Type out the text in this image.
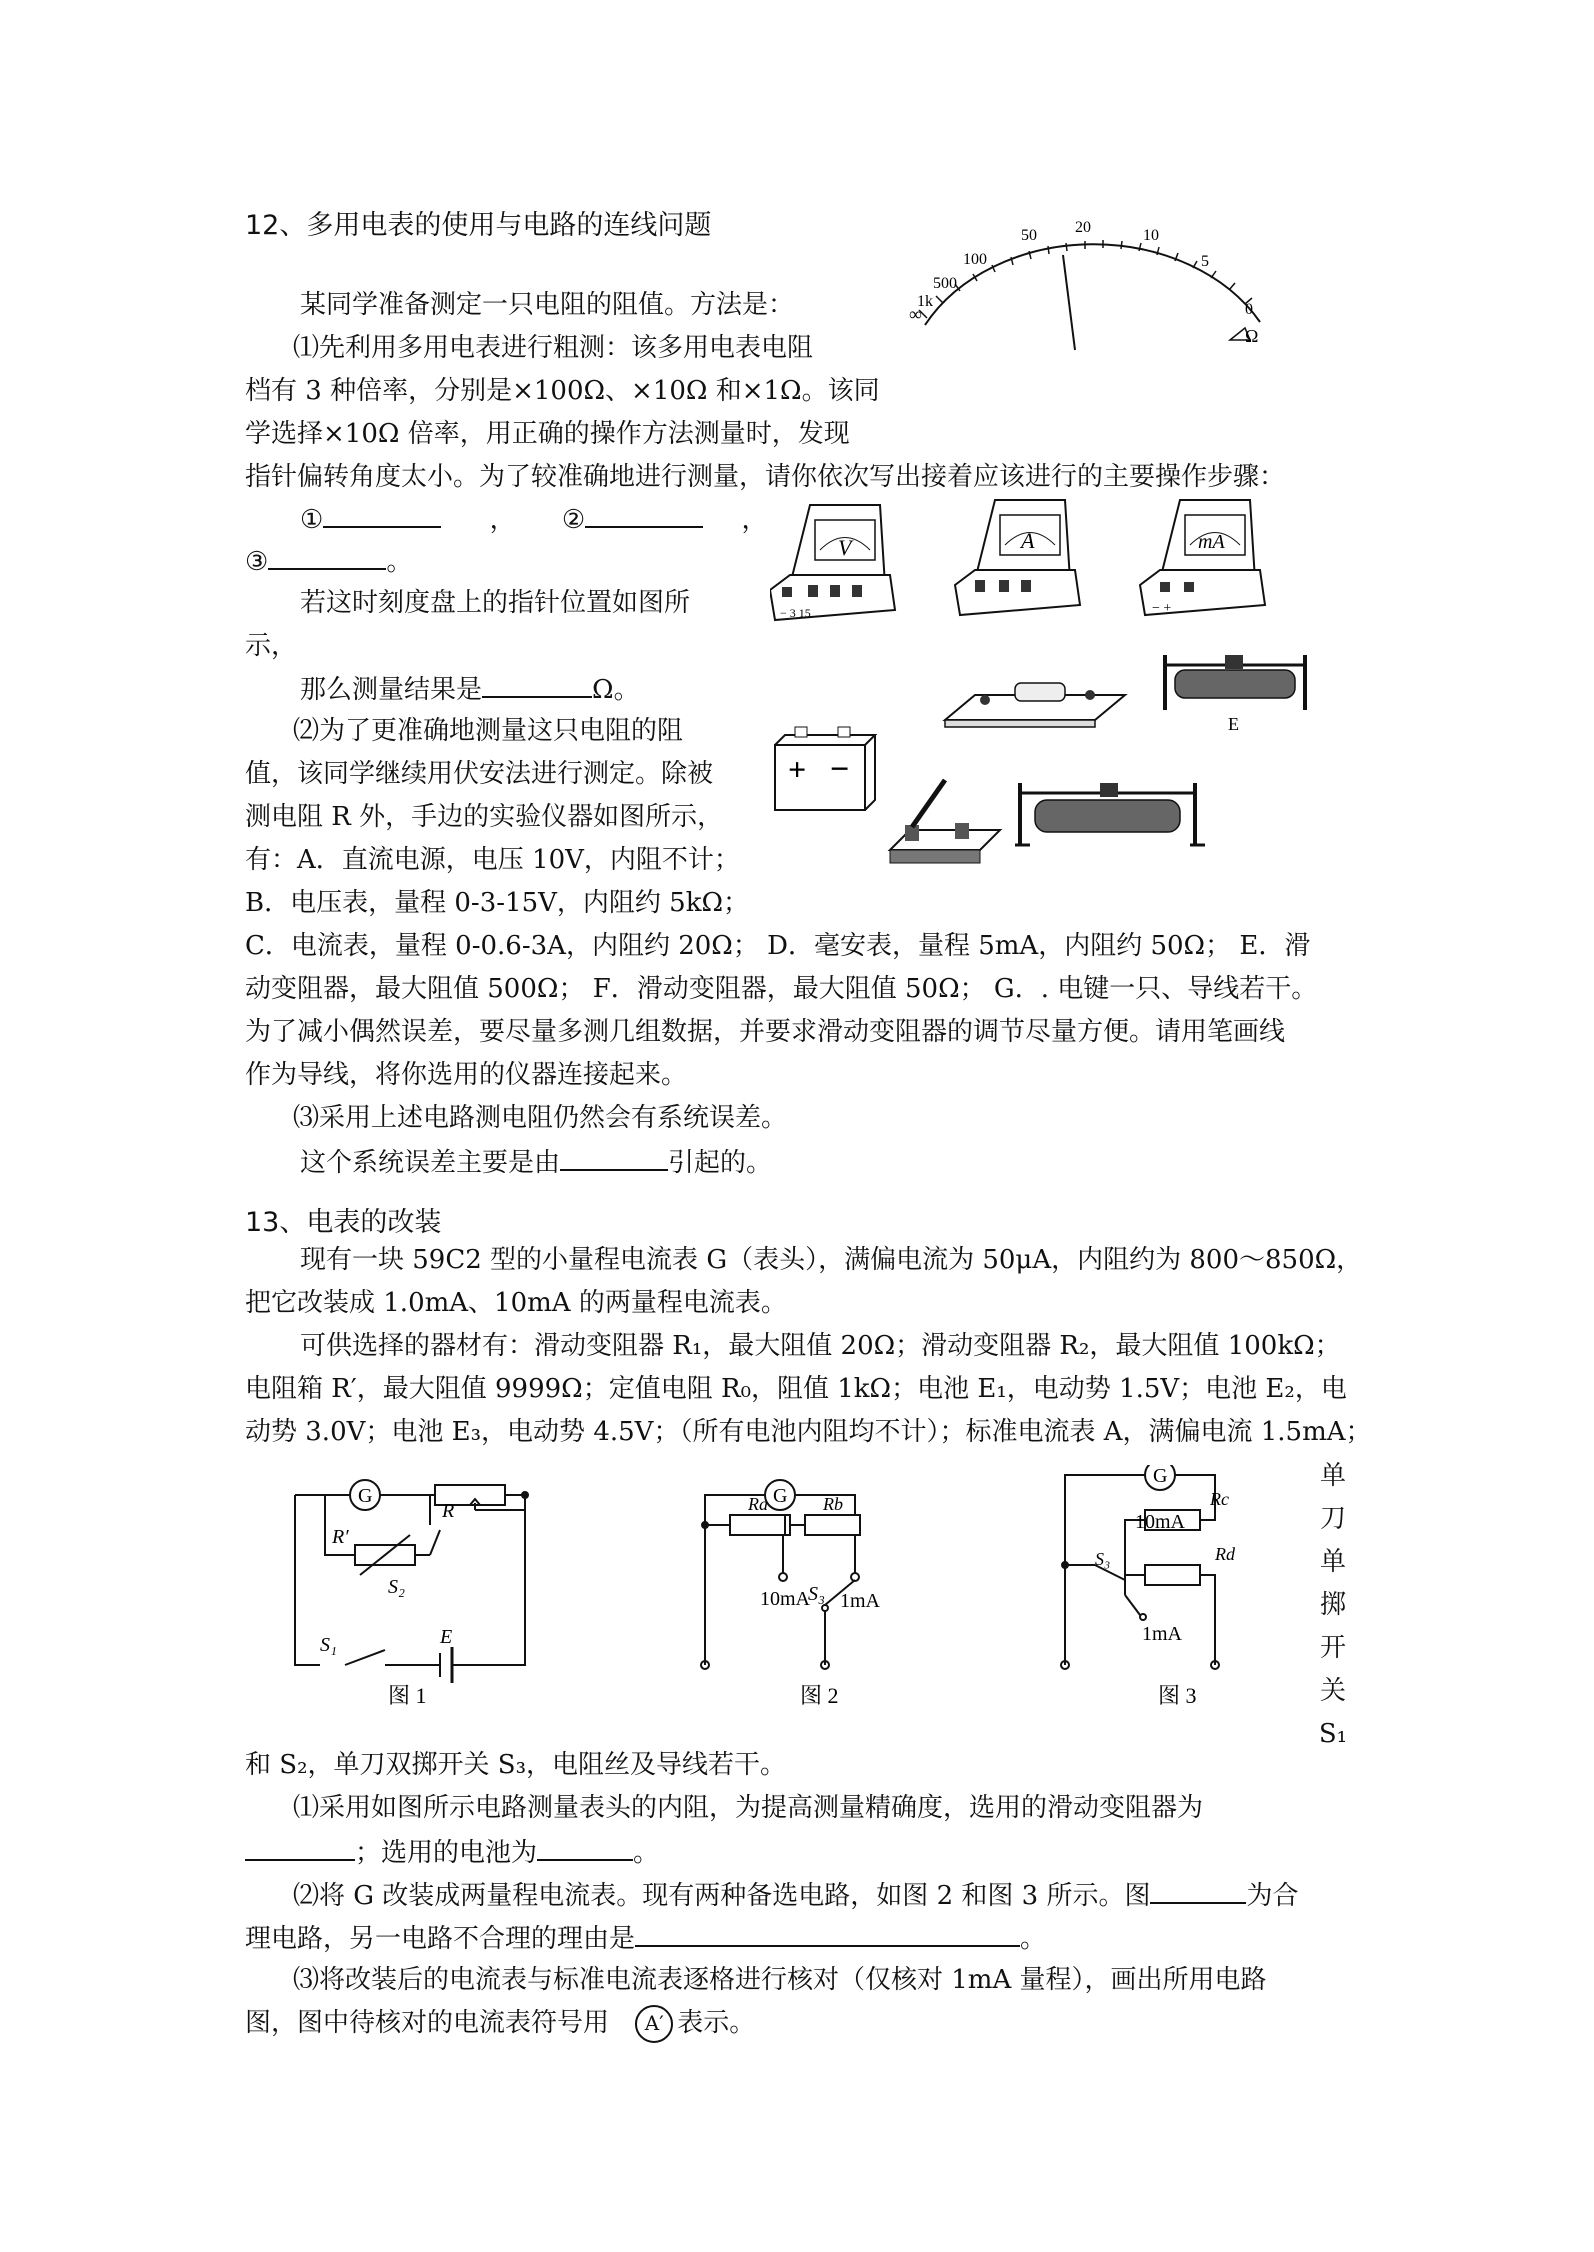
12、多用电表的使用与电路的连线问题
某同学准备测定一只电阻的阻值。方法是：
⑴先利用多用电表进行粗测：该多用电表电阻
档有 3 种倍率，分别是×100Ω、×10Ω 和×1Ω。该同
学选择×10Ω 倍率，用正确的操作方法测量时，发现
指针偏转角度太小。为了较准确地进行测量，请你依次写出接着应该进行的主要操作步骤：
①	， ②	，
③	。
若这时刻度盘上的指针位置如图所
示，
那么测量结果是	Ω。
⑵为了更准确地测量这只电阻的阻
值，该同学继续用伏安法进行测定。除被
测电阻 R 外，手边的实验仪器如图所示，
有：A．直流电源，电压 10V，内阻不计；
B．电压表，量程 0-3-15V，内阻约 5kΩ；
C．电流表，量程 0-0.6-3A，内阻约 20Ω； D．毫安表，量程 5mA，内阻约 50Ω； E．滑
动变阻器，最大阻值 500Ω； F．滑动变阻器，最大阻值 50Ω； G．. 电键一只、导线若干。
为了减小偶然误差，要尽量多测几组数据，并要求滑动变阻器的调节尽量方便。请用笔画线
作为导线，将你选用的仪器连接起来。
⑶采用上述电路测电阻仍然会有系统误差。
这个系统误差主要是由	引起的。
∞
1k
500
100
50 20	10
5
0
Ω
V
− 3 15
A	mA
− +
E
+ −
13、电表的改装
现有一块 59C2 型的小量程电流表 G（表头），满偏电流为 50μA，内阻约为 800～850Ω，
把它改装成 1.0mA、10mA 的两量程电流表。
可供选择的器材有：滑动变阻器 R₁，最大阻值 20Ω；滑动变阻器 R₂，最大阻值 100kΩ；
电阻箱 R′，最大阻值 9999Ω；定值电阻 R₀，阻值 1kΩ；电池 E₁，电动势 1.5V；电池 E₂，电
动势 3.0V；电池 E₃，电动势 4.5V；（所有电池内阻均不计）；标准电流表 A，满偏电流 1.5mA；
单
刀
单
掷
开
关
S₁
G
R
R′
S₂
S₁	E
图 1
G
Ra	Rb
10mA
S₃ 1mA
图 2
G
10mA
Rc
S₃	Rd
1mA
图 3
和 S₂，单刀双掷开关 S₃，电阻丝及导线若干。
⑴采用如图所示电路测量表头的内阻，为提高测量精确度，选用的滑动变阻器为
；选用的电池为	。
⑵将 G 改装成两量程电流表。现有两种备选电路，如图 2 和图 3 所示。图	为合
理电路，另一电路不合理的理由是	。
⑶将改装后的电流表与标准电流表逐格进行核对（仅核对 1mA 量程），画出所用电路
图，图中待核对的电流表符号用 A′ 表示。
